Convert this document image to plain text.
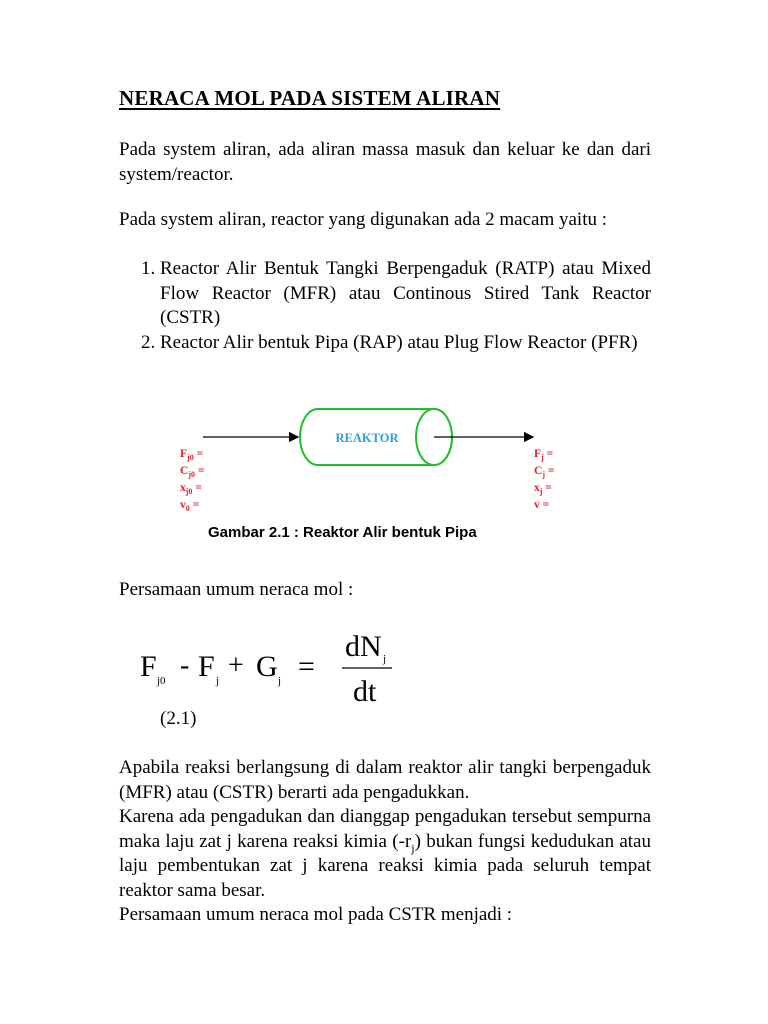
NERACA MOL PADA SISTEM ALIRAN
Pada system aliran, ada aliran massa masuk dan keluar ke dan dari system/reactor.
Pada system aliran, reactor yang digunakan ada 2 macam yaitu :
1. Reactor Alir Bentuk Tangki Berpengaduk (RATP) atau Mixed Flow Reactor (MFR) atau Continous Stired Tank Reactor (CSTR)
2. Reactor Alir bentuk Pipa (RAP) atau Plug Flow Reactor (PFR)
REAKTOR
$F_{j0}$ =
$C_{j0}$ =
$x_{j0}$ =
$v_0$ =
$F_j$ =
$C_j$ =
$x_j$ =
v =
Gambar 2.1 : Reaktor Alir bentuk Pipa
Persamaan umum neraca mol :
F j0 - F j + G j =
dN j
dt
(2.1)
Apabila reaksi berlangsung di dalam reaktor alir tangki berpengaduk (MFR) atau (CSTR) berarti ada pengadukkan.
Karena ada pengadukan dan dianggap pengadukan tersebut sempurna maka laju zat j karena reaksi kimia $(-r_j)$ bukan fungsi kedudukan atau laju pembentukan zat j karena reaksi kimia pada seluruh tempat reaktor sama besar.
Persamaan umum neraca mol pada CSTR menjadi :
